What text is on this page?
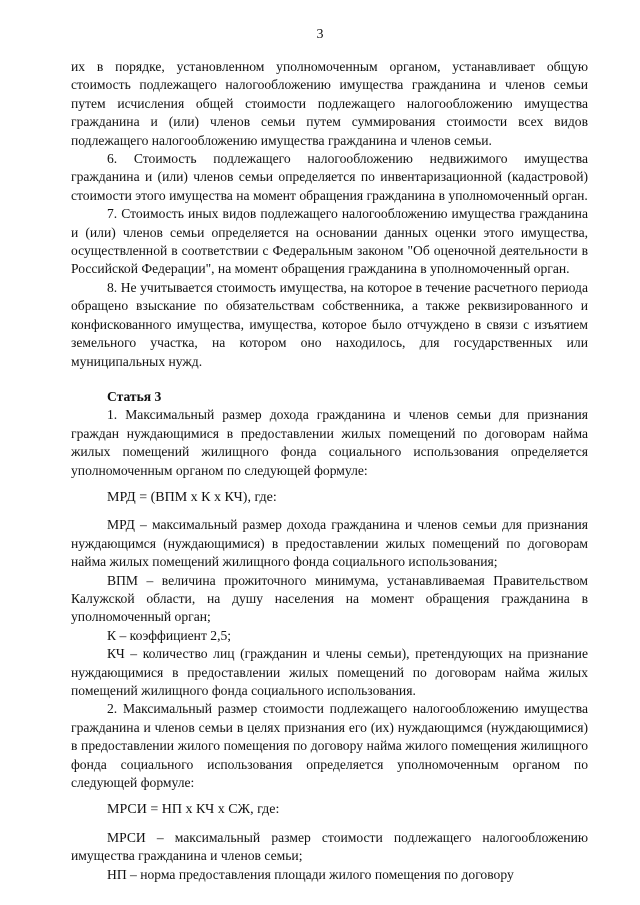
3

их в порядке, установленном уполномоченным органом, устанавливает общую стоимость подлежащего налогообложению имущества гражданина и членов семьи путем исчисления общей стоимости подлежащего налогообложению имущества гражданина и (или) членов семьи путем суммирования стоимости всех видов подлежащего налогообложению имущества гражданина и членов семьи.

6. Стоимость подлежащего налогообложению недвижимого имущества гражданина и (или) членов семьи определяется по инвентаризационной (кадастровой) стоимости этого имущества на момент обращения гражданина в уполномоченный орган.

7. Стоимость иных видов подлежащего налогообложению имущества гражданина и (или) членов семьи определяется на основании данных оценки этого имущества, осуществленной в соответствии с Федеральным законом "Об оценочной деятельности в Российской Федерации", на момент обращения гражданина в уполномоченный орган.

8. Не учитывается стоимость имущества, на которое в течение расчетного периода обращено взыскание по обязательствам собственника, а также реквизированного и конфискованного имущества, имущества, которое было отчуждено в связи с изъятием земельного участка, на котором оно находилось, для государственных или муниципальных нужд.

Статья 3

1. Максимальный размер дохода гражданина и членов семьи для признания граждан нуждающимися в предоставлении жилых помещений по договорам найма жилых помещений жилищного фонда социального использования определяется уполномоченным органом по следующей формуле:

МРД = (ВПМ х К х КЧ), где:

МРД – максимальный размер дохода гражданина и членов семьи для признания нуждающимся (нуждающимися) в предоставлении жилых помещений по договорам найма жилых помещений жилищного фонда социального использования;

ВПМ – величина прожиточного минимума, устанавливаемая Правительством Калужской области, на душу населения на момент обращения гражданина в уполномоченный орган;

К – коэффициент 2,5;

КЧ – количество лиц (гражданин и члены семьи), претендующих на признание нуждающимися в предоставлении жилых помещений по договорам найма жилых помещений жилищного фонда социального использования.

2. Максимальный размер стоимости подлежащего налогообложению имущества гражданина и членов семьи в целях признания его (их) нуждающимся (нуждающимися) в предоставлении жилого помещения по договору найма жилого помещения жилищного фонда социального использования определяется уполномоченным органом по следующей формуле:

МРСИ = НП х КЧ х СЖ, где:

МРСИ – максимальный размер стоимости подлежащего налогообложению имущества гражданина и членов семьи;

НП – норма предоставления площади жилого помещения по договору
